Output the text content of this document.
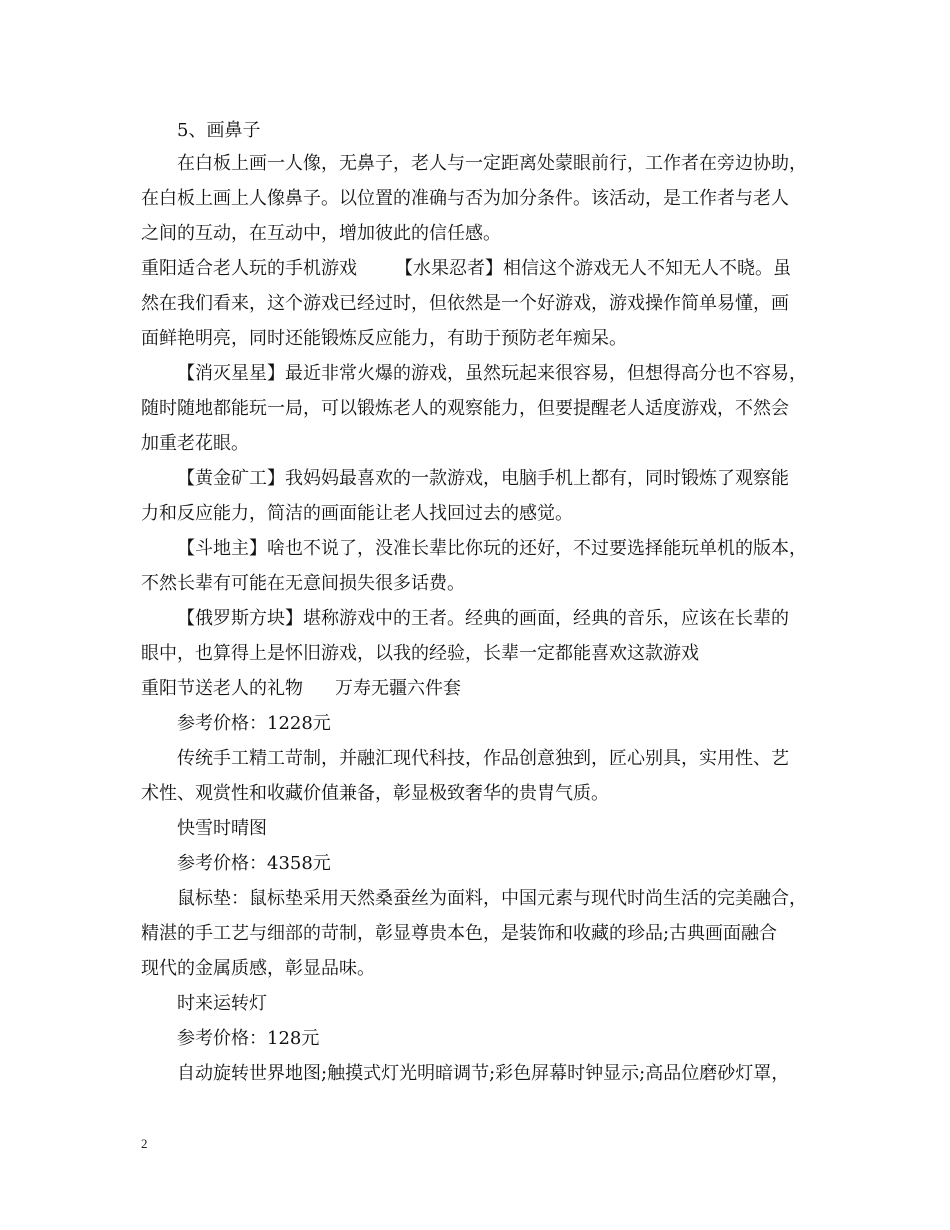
5、画鼻子
在白板上画一人像，无鼻子，老人与一定距离处蒙眼前行，工作者在旁边协助，
在白板上画上人像鼻子。以位置的准确与否为加分条件。该活动，是工作者与老人
之间的互动，在互动中，增加彼此的信任感。
重阳适合老人玩的手机游戏 【水果忍者】相信这个游戏无人不知无人不晓。虽
然在我们看来，这个游戏已经过时，但依然是一个好游戏，游戏操作简单易懂，画
面鲜艳明亮，同时还能锻炼反应能力，有助于预防老年痴呆。
【消灭星星】最近非常火爆的游戏，虽然玩起来很容易，但想得高分也不容易，
随时随地都能玩一局，可以锻炼老人的观察能力，但要提醒老人适度游戏，不然会
加重老花眼。
【黄金矿工】我妈妈最喜欢的一款游戏，电脑手机上都有，同时锻炼了观察能
力和反应能力，简洁的画面能让老人找回过去的感觉。
【斗地主】啥也不说了，没准长辈比你玩的还好，不过要选择能玩单机的版本，
不然长辈有可能在无意间损失很多话费。
【俄罗斯方块】堪称游戏中的王者。经典的画面，经典的音乐，应该在长辈的
眼中，也算得上是怀旧游戏，以我的经验，长辈一定都能喜欢这款游戏
重阳节送老人的礼物 万寿无疆六件套
参考价格：1228元
传统手工精工苛制，并融汇现代科技，作品创意独到，匠心别具，实用性、艺
术性、观赏性和收藏价值兼备，彰显极致奢华的贵胄气质。
快雪时晴图
参考价格：4358元
鼠标垫：鼠标垫采用天然桑蚕丝为面料，中国元素与现代时尚生活的完美融合，
精湛的手工艺与细部的苛制，彰显尊贵本色，是装饰和收藏的珍品;古典画面融合
现代的金属质感，彰显品味。
时来运转灯
参考价格：128元
自动旋转世界地图;触摸式灯光明暗调节;彩色屏幕时钟显示;高品位磨砂灯罩，
2
